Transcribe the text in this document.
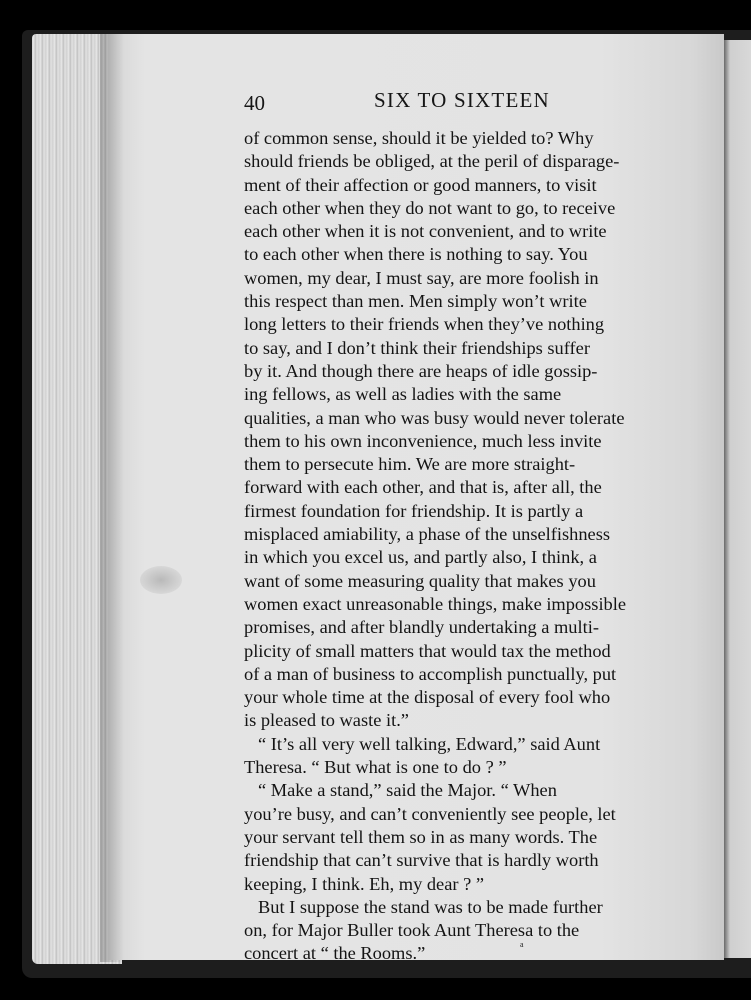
40	SIX TO SIXTEEN
of common sense, should it be yielded to? Why
should friends be obliged, at the peril of disparage-
ment of their affection or good manners, to visit
each other when they do not want to go, to receive
each other when it is not convenient, and to write
to each other when there is nothing to say. You
women, my dear, I must say, are more foolish in
this respect than men. Men simply won’t write
long letters to their friends when they’ve nothing
to say, and I don’t think their friendships suffer
by it. And though there are heaps of idle gossip-
ing fellows, as well as ladies with the same
qualities, a man who was busy would never tolerate
them to his own inconvenience, much less invite
them to persecute him. We are more straight-
forward with each other, and that is, after all, the
firmest foundation for friendship. It is partly a
misplaced amiability, a phase of the unselfishness
in which you excel us, and partly also, I think, a
want of some measuring quality that makes you
women exact unreasonable things, make impossible
promises, and after blandly undertaking a multi-
plicity of small matters that would tax the method
of a man of business to accomplish punctually, put
your whole time at the disposal of every fool who
is pleased to waste it.”
“ It’s all very well talking, Edward,” said Aunt
Theresa. “ But what is one to do ? ”
“ Make a stand,” said the Major. “ When
you’re busy, and can’t conveniently see people, let
your servant tell them so in as many words. The
friendship that can’t survive that is hardly worth
keeping, I think. Eh, my dear ? ”
But I suppose the stand was to be made further
on, for Major Buller took Aunt Theresa to the
concert at “ the Rooms.”	a
